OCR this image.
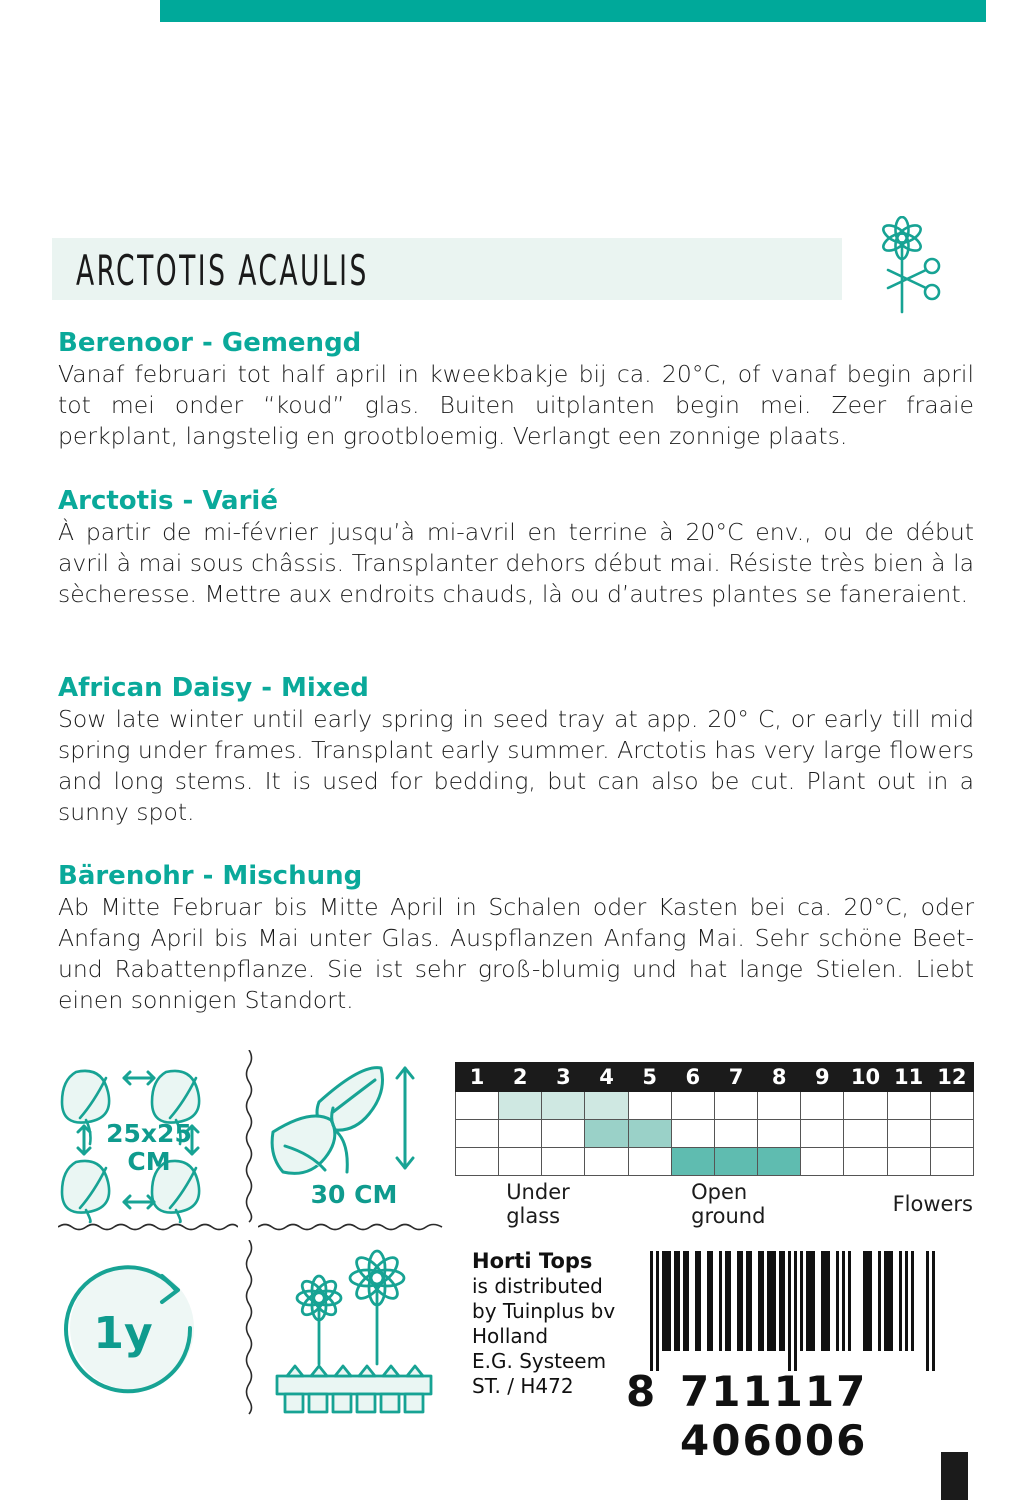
ARCTOTIS ACAULIS
Berenoor - Gemengd
Vanaf februari tot half april in kweekbakje bij ca. 20°C, of vanaf begin april tot mei onder “koud” glas. Buiten uitplanten begin mei. Zeer fraaie perkplant, langstelig en grootbloemig. Verlangt een zonnige plaats.
Arctotis - Varié
À partir de mi-février jusqu’à mi-avril en terrine à 20°C env., ou de début avril à mai sous châssis. Transplanter dehors début mai. Résiste très bien à la sècheresse. Mettre aux endroits chauds, là ou d’autres plantes se faneraient.
African Daisy - Mixed
Sow late winter until early spring in seed tray at app. 20° C, or early till mid spring under frames. Transplant early summer. Arctotis has very large flowers and long stems. It is used for bedding, but can also be cut. Plant out in a sunny spot.
Bärenohr - Mischung
Ab Mitte Februar bis Mitte April in Schalen oder Kasten bei ca. 20°C, oder Anfang April bis Mai unter Glas. Auspflanzen Anfang Mai. Sehr schöne Beet- und Rabattenpflanze. Sie ist sehr groß-blumig und hat lange Stielen. Liebt einen sonnigen Standort.
25x25
CM
30 CM
1y
1	2	3	4	5	6	7	8	9	10	11	12

Under glass
Open ground	Flowers
Horti Tops
is distributed
by Tuinplus bv
Holland
E.G. Systeem
ST. / H472	8 711117 406006
